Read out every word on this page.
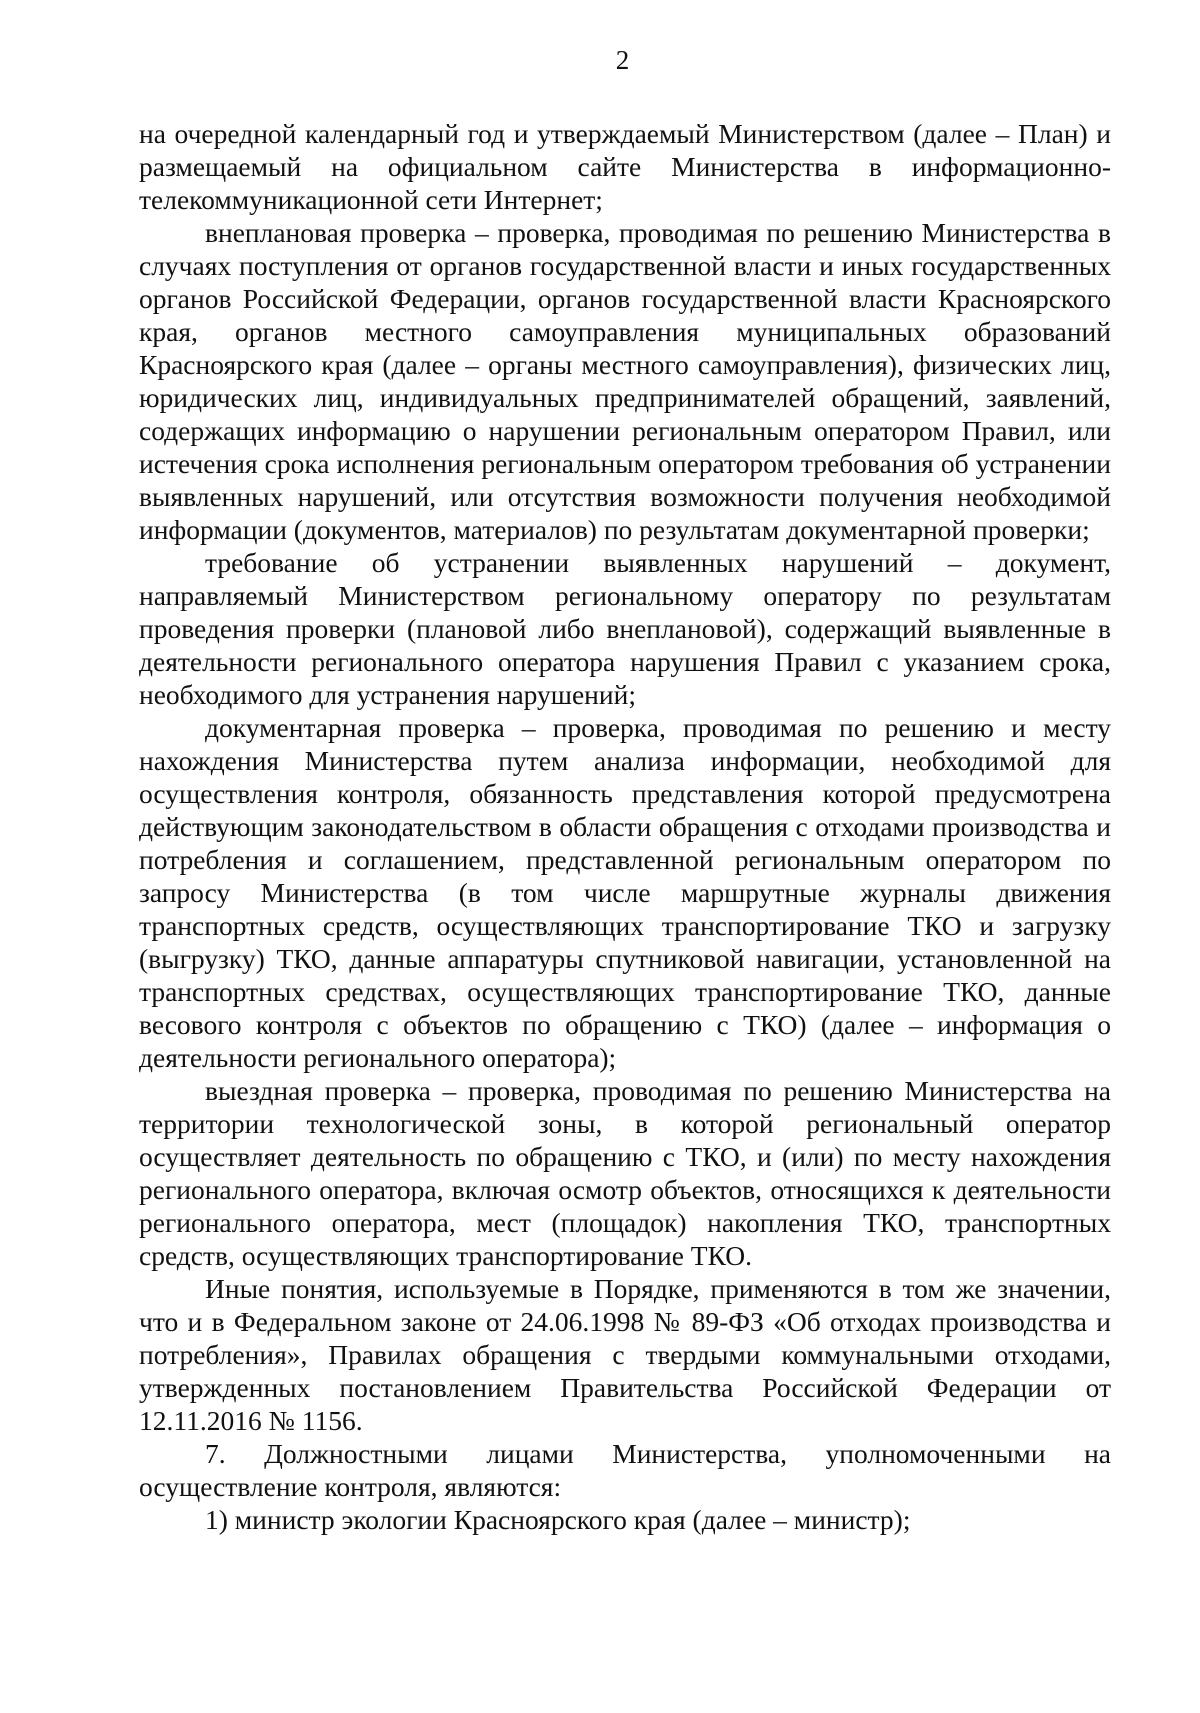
2

на очередной календарный год и утверждаемый Министерством (далее – План) и размещаемый на официальном сайте Министерства в информационно-телекоммуникационной сети Интернет;

внеплановая проверка – проверка, проводимая по решению Министерства в случаях поступления от органов государственной власти и иных государственных органов Российской Федерации, органов государственной власти Красноярского края, органов местного самоуправления муниципальных образований Красноярского края (далее – органы местного самоуправления), физических лиц, юридических лиц, индивидуальных предпринимателей обращений, заявлений, содержащих информацию о нарушении региональным оператором Правил, или истечения срока исполнения региональным оператором требования об устранении выявленных нарушений, или отсутствия возможности получения необходимой информации (документов, материалов) по результатам документарной проверки;

требование об устранении выявленных нарушений – документ, направляемый Министерством региональному оператору по результатам проведения проверки (плановой либо внеплановой), содержащий выявленные в деятельности регионального оператора нарушения Правил с указанием срока, необходимого для устранения нарушений;

документарная проверка – проверка, проводимая по решению и месту нахождения Министерства путем анализа информации, необходимой для осуществления контроля, обязанность представления которой предусмотрена действующим законодательством в области обращения с отходами производства и потребления и соглашением, представленной региональным оператором по запросу Министерства (в том числе маршрутные журналы движения транспортных средств, осуществляющих транспортирование ТКО и загрузку (выгрузку) ТКО, данные аппаратуры спутниковой навигации, установленной на транспортных средствах, осуществляющих транспортирование ТКО, данные весового контроля с объектов по обращению с ТКО) (далее – информация о деятельности регионального оператора);

выездная проверка – проверка, проводимая по решению Министерства на территории технологической зоны, в которой региональный оператор осуществляет деятельность по обращению с ТКО, и (или) по месту нахождения регионального оператора, включая осмотр объектов, относящихся к деятельности регионального оператора, мест (площадок) накопления ТКО, транспортных средств, осуществляющих транспортирование ТКО.

Иные понятия, используемые в Порядке, применяются в том же значении, что и в Федеральном законе от 24.06.1998 № 89-ФЗ «Об отходах производства и потребления», Правилах обращения с твердыми коммунальными отходами, утвержденных постановлением Правительства Российской Федерации от 12.11.2016 № 1156.

7. Должностными лицами Министерства, уполномоченными на осуществление контроля, являются:

1) министр экологии Красноярского края (далее – министр);
